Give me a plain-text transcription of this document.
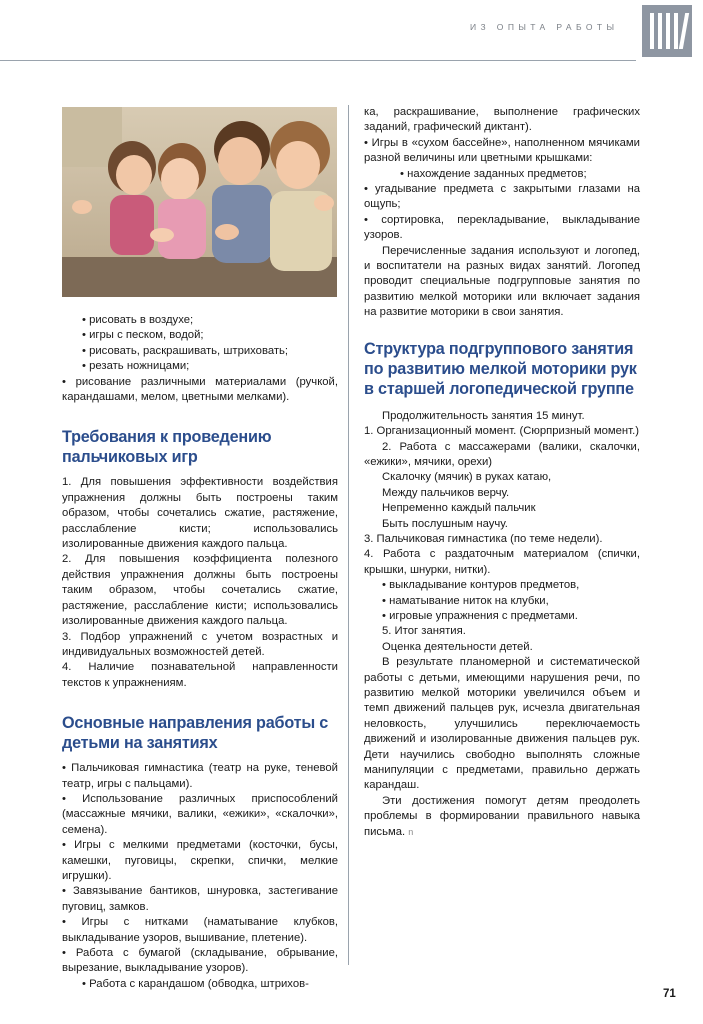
ИЗ ОПЫТА РАБОТЫ

• рисовать в воздухе;

• игры с песком, водой;

• рисовать, раскрашивать, штриховать;

• резать ножницами;

• рисование различными материалами (ручкой, карандашами, мелом, цветными мелками).

Требования к проведению пальчиковых игр

1. Для повышения эффективности воздействия упражнения должны быть построены таким образом, чтобы сочетались сжатие, растяжение, расслабление кисти; использовались изолированные движения каждого пальца.

2. Для повышения коэффициента полезного действия упражнения должны быть построены таким образом, чтобы сочетались сжатие, растяжение, расслабление кисти; использовались изолированные движения каждого пальца.

3. Подбор упражнений с учетом возрастных и индивидуальных возможностей детей.

4. Наличие познавательной направленности текстов к упражнениям.

Основные направления работы с детьми на занятиях

• Пальчиковая гимнастика (театр на руке, теневой театр, игры с пальцами).

• Использование различных приспособлений (массажные мячики, валики, «ежики», «скалочки», семена).

• Игры с мелкими предметами (косточки, бусы, камешки, пуговицы, скрепки, спички, мелкие игрушки).

• Завязывание бантиков, шнуровка, застегивание пуговиц, замков.

• Игры с нитками (наматывание клубков, выкладывание узоров, вышивание, плетение).

• Работа с бумагой (складывание, обрывание, вырезание, выкладывание узоров).

• Работа с карандашом (обводка, штрихов-

ка, раскрашивание, выполнение графических заданий, графический диктант).

• Игры в «сухом бассейне», наполненном мячиками разной величины или цветными крышками:

• нахождение заданных предметов;

• угадывание предмета с закрытыми глазами на ощупь;

• сортировка, перекладывание, выкладывание узоров.

Перечисленные задания используют и логопед, и воспитатели на разных видах занятий. Логопед проводит специальные подгрупповые занятия по развитию мелкой моторики или включает задания на развитие моторики в свои занятия.

Структура подгруппового занятия по развитию мелкой моторики рук в старшей логопедической группе

Продолжительность занятия 15 минут.

1. Организационный момент. (Сюрпризный момент.)

2. Работа с массажерами (валики, скалочки, «ежики», мячики, орехи)

Скалочку (мячик) в руках катаю,

Между пальчиков верчу.

Непременно каждый пальчик

Быть послушным научу.

3. Пальчиковая гимнастика (по теме недели).

4. Работа с раздаточным материалом (спички, крышки, шнурки, нитки).

• выкладывание контуров предметов,

• наматывание ниток на клубки,

• игровые упражнения с предметами.

5. Итог занятия.

Оценка деятельности детей.

В результате планомерной и систематической работы с детьми, имеющими нарушения речи, по развитию мелкой моторики увеличился объем и темп движений пальцев рук, исчезла двигательная неловкость, улучшились переключаемость движений и изолированные движения пальцев рук. Дети научились свободно выполнять сложные манипуляции с предметами, правильно держать карандаш.

Эти достижения помогут детям преодолеть проблемы в формировании правильного навыка письма. n

71
